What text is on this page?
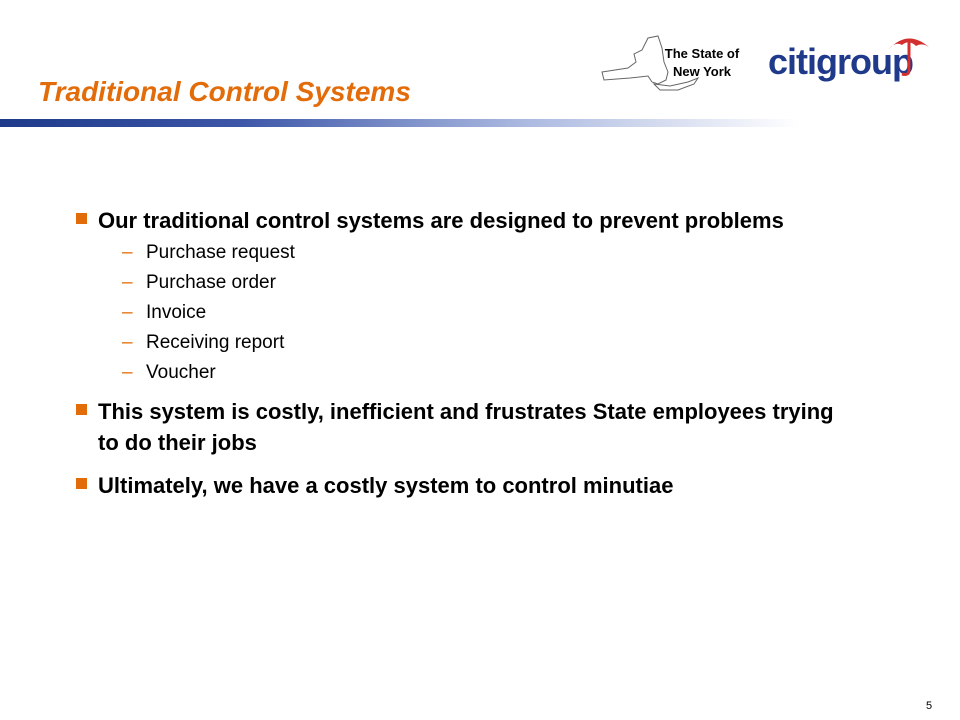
Traditional Control Systems
The State of
New York	citigroup
Our traditional control systems are designed to prevent problems
– Purchase request
– Purchase order
– Invoice
– Receiving report
– Voucher
This system is costly, inefficient and frustrates State employees trying to do their jobs
Ultimately, we have a costly system to control minutiae
5
